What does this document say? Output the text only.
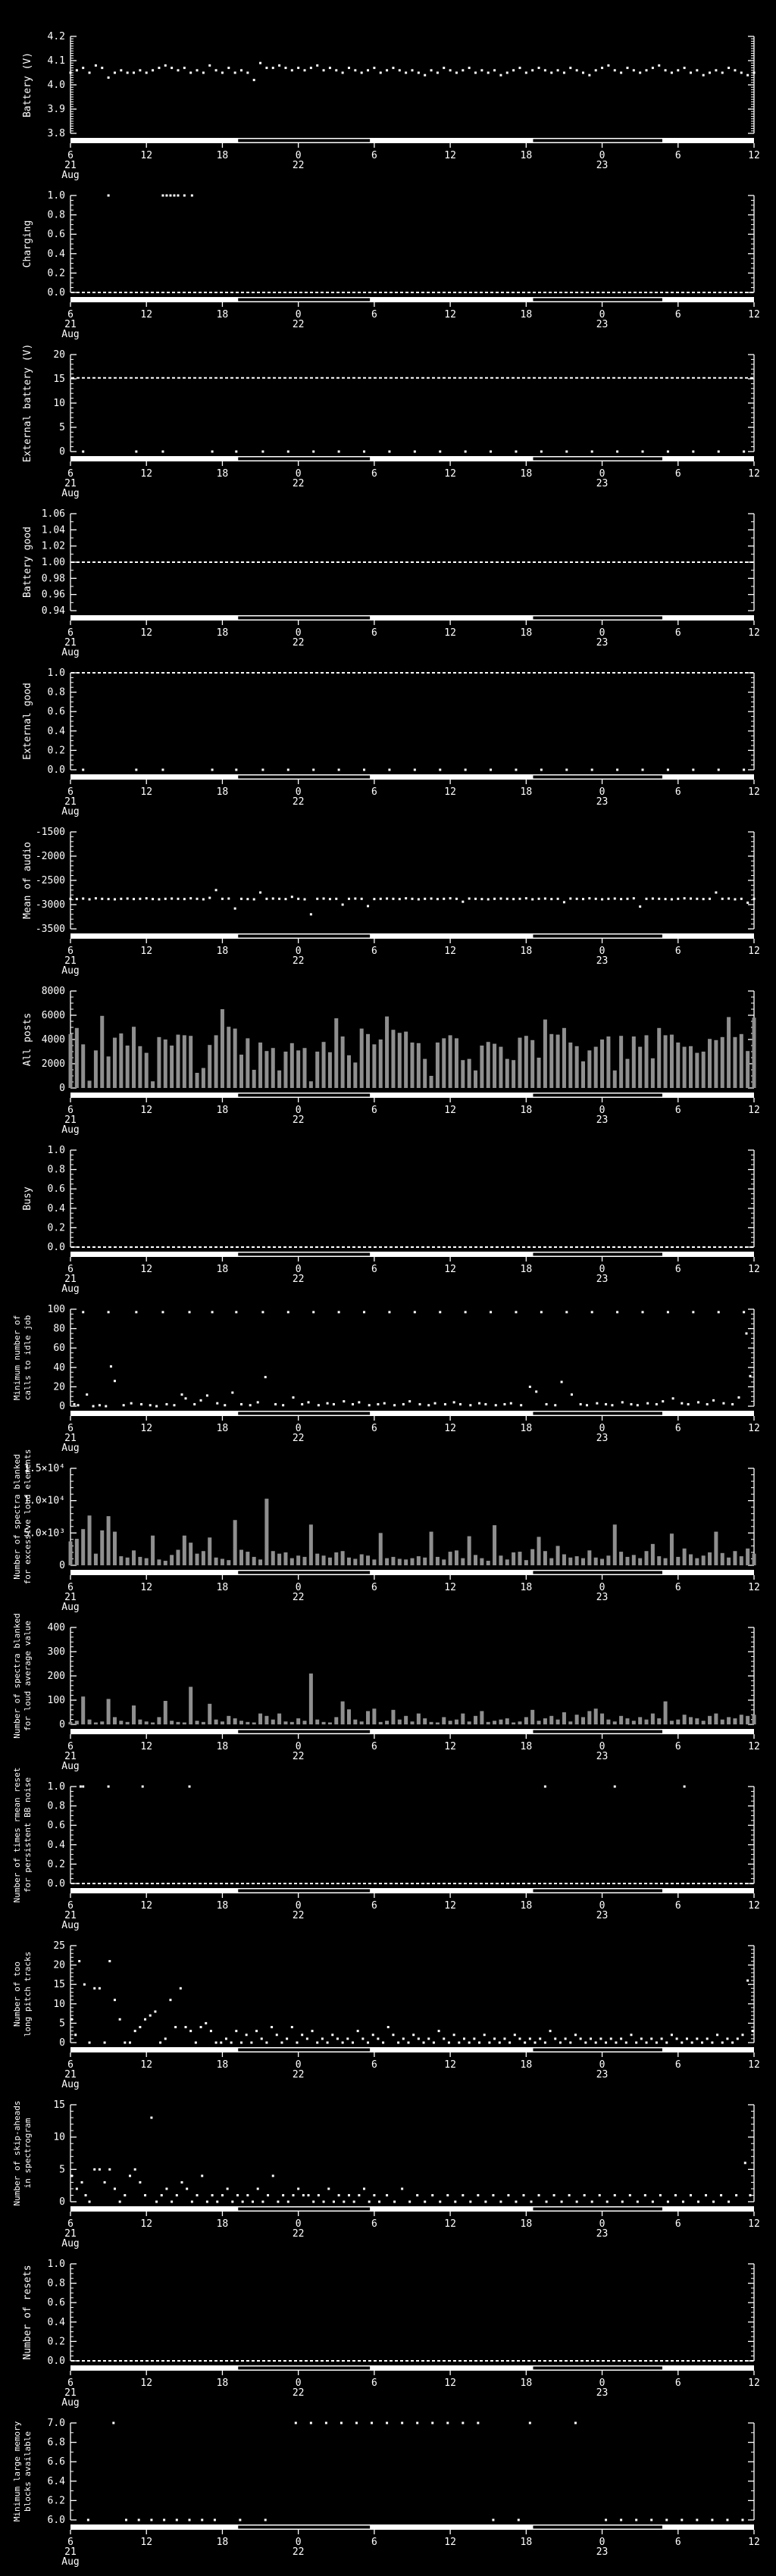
3.8
3.9
4.0
4.1
4.2
Battery (V)
6	12	18	0	6	12	18	0	6	12
21
Aug
22	23
0.0
0.2
0.4
0.6
0.8
1.0
Charging
6	12	18	0	6	12	18	0	6	12
21
Aug
22	23
0
5
10
15
20
External battery (V)
6	12	18	0	6	12	18	0	6	12
21
Aug
22	23
0.94
0.96
0.98
1.00
1.02
1.04
1.06
Battery good
6	12	18	0	6	12	18	0	6	12
21
Aug
22	23
0.0
0.2
0.4
0.6
0.8
1.0
External good
6	12	18	0	6	12	18	0	6	12
21
Aug
22	23
-3500
-3000
-2500
-2000
-1500
Mean of audio
6	12	18	0	6	12	18	0	6	12
21
Aug
22	23
0
2000
4000
6000
8000
All posts
6	12	18	0	6	12	18	0	6	12
21
Aug
22	23
0.0
0.2
0.4
0.6
0.8
1.0
Busy
6	12	18	0	6	12	18	0	6	12
21
Aug
22	23
0
20
40
60
80
100
Minimum number of calls to idle job
6	12	18	0	6	12	18	0	6	12
21
Aug
22	23
0
5.0×10³
1.0×10⁴
1.5×10⁴
Number of spectra blanked for excessive loud elements
6	12	18	0	6	12	18	0	6	12
21
Aug
22	23
0
100
200
300
400
Number of spectra blanked for loud average value
6	12	18	0	6	12	18	0	6	12
21
Aug
22	23
0.0
0.2
0.4
0.6
0.8
1.0
Number of times rmean reset for persistent BB noise
6	12	18	0	6	12	18	0	6	12
21
Aug
22	23
0
5
10
15
20
25
Number of too long pitch tracks
6	12	18	0	6	12	18	0	6	12
21
Aug
22	23
0
5
10
15
Number of skip-aheads in spectrogram
6	12	18	0	6	12	18	0	6	12
21
Aug
22	23
0.0
0.2
0.4
0.6
0.8
1.0
Number of resets
6	12	18	0	6	12	18	0	6	12
21
Aug
22	23
6.0
6.2
6.4
6.6
6.8
7.0
Minimum large memory blocks available
6	12	18	0	6	12	18	0	6	12
21
Aug
22	23
